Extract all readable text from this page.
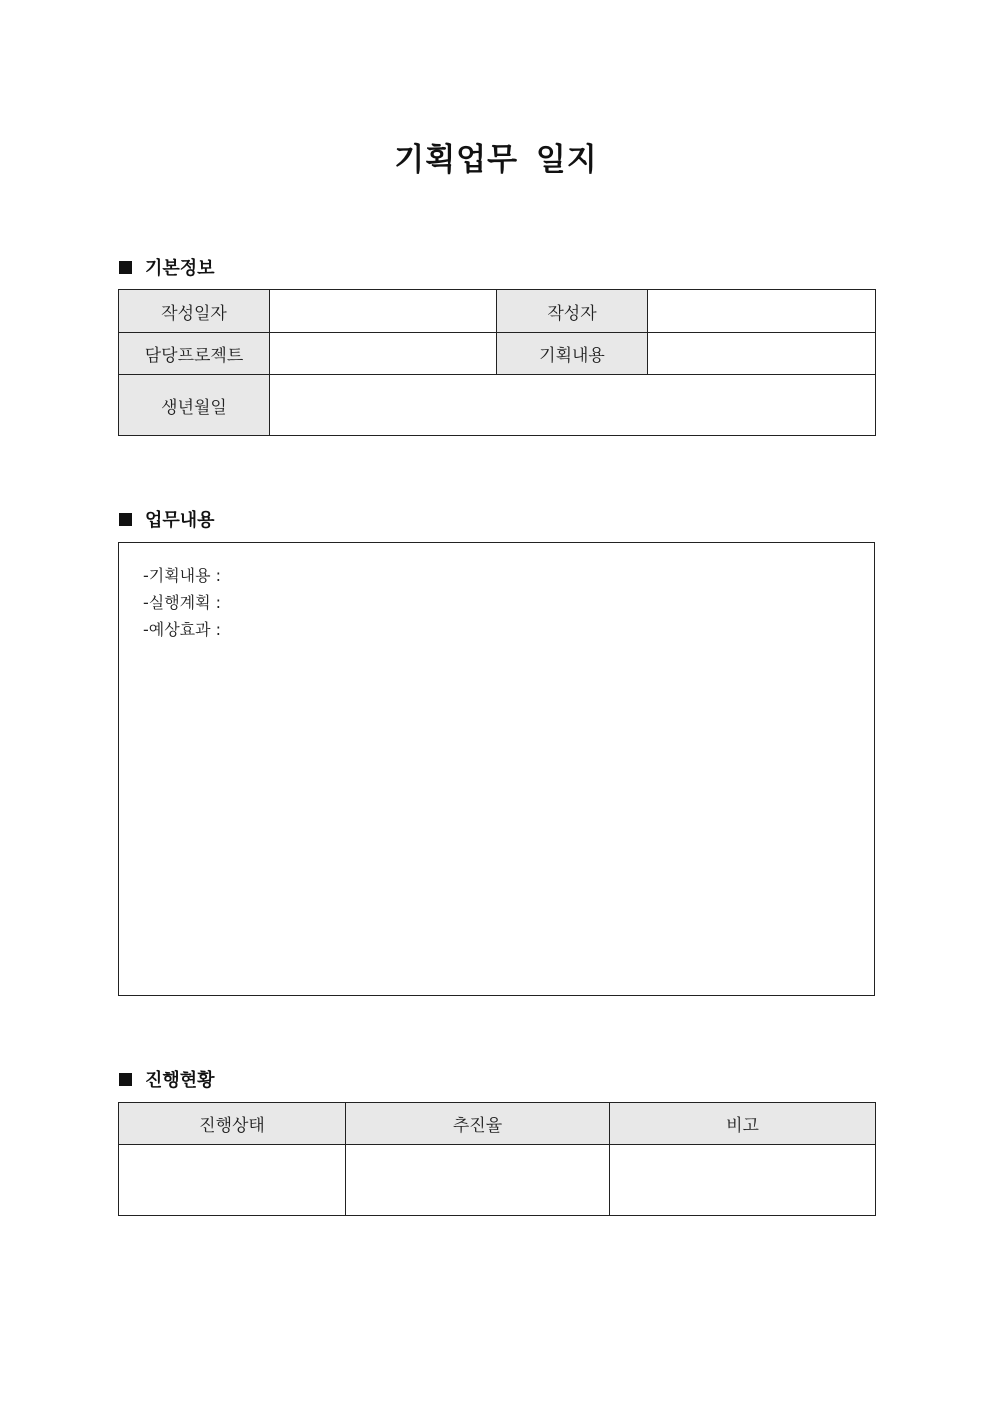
기획업무 일지
기본정보
작성일자		작성자	
담당프로젝트		기획내용	
생년월일			
업무내용
-기획내용 :
-실행계획 :
-예상효과 :
진행현황
진행상태	추진율	비고
